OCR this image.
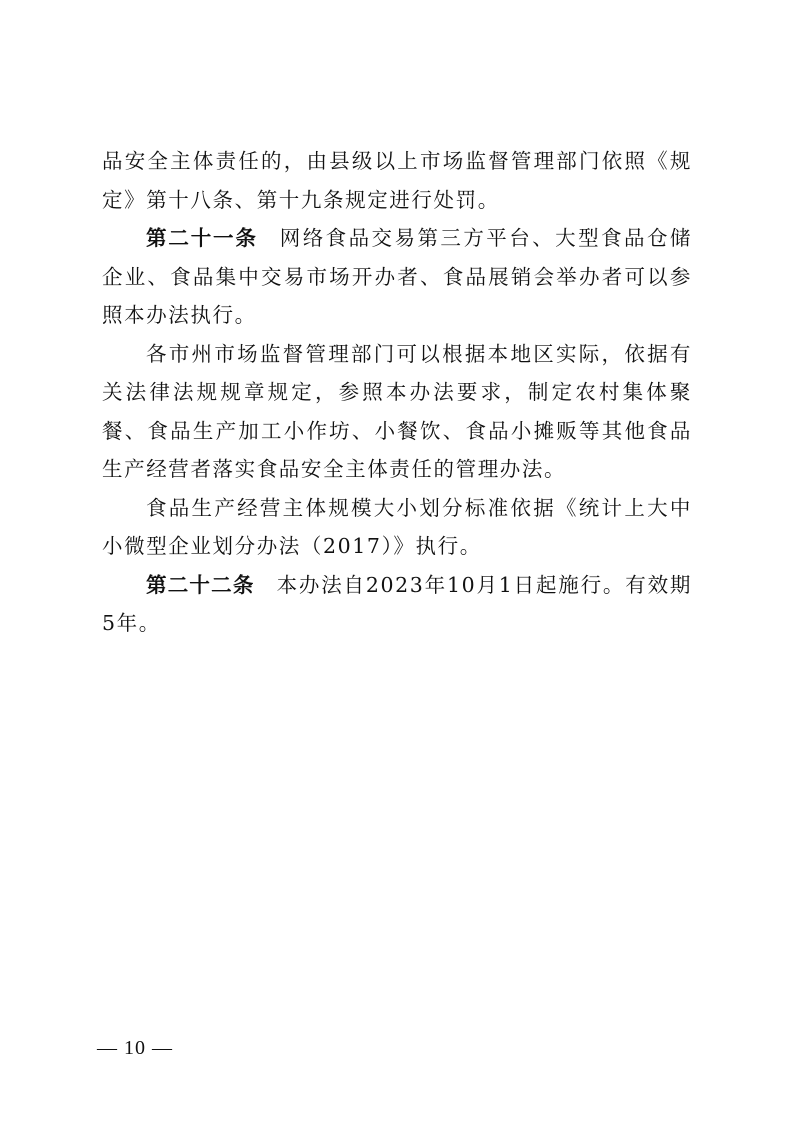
品安全主体责任的，由县级以上市场监督管理部门依照《规定》第十八条、第十九条规定进行处罚。

第二十一条 网络食品交易第三方平台、大型食品仓储企业、食品集中交易市场开办者、食品展销会举办者可以参照本办法执行。

各市州市场监督管理部门可以根据本地区实际，依据有关法律法规规章规定，参照本办法要求，制定农村集体聚餐、食品生产加工小作坊、小餐饮、食品小摊贩等其他食品生产经营者落实食品安全主体责任的管理办法。

食品生产经营主体规模大小划分标准依据《统计上大中小微型企业划分办法（2017）》执行。

第二十二条 本办法自2023年10月1日起施行。有效期5年。

— 10 —
